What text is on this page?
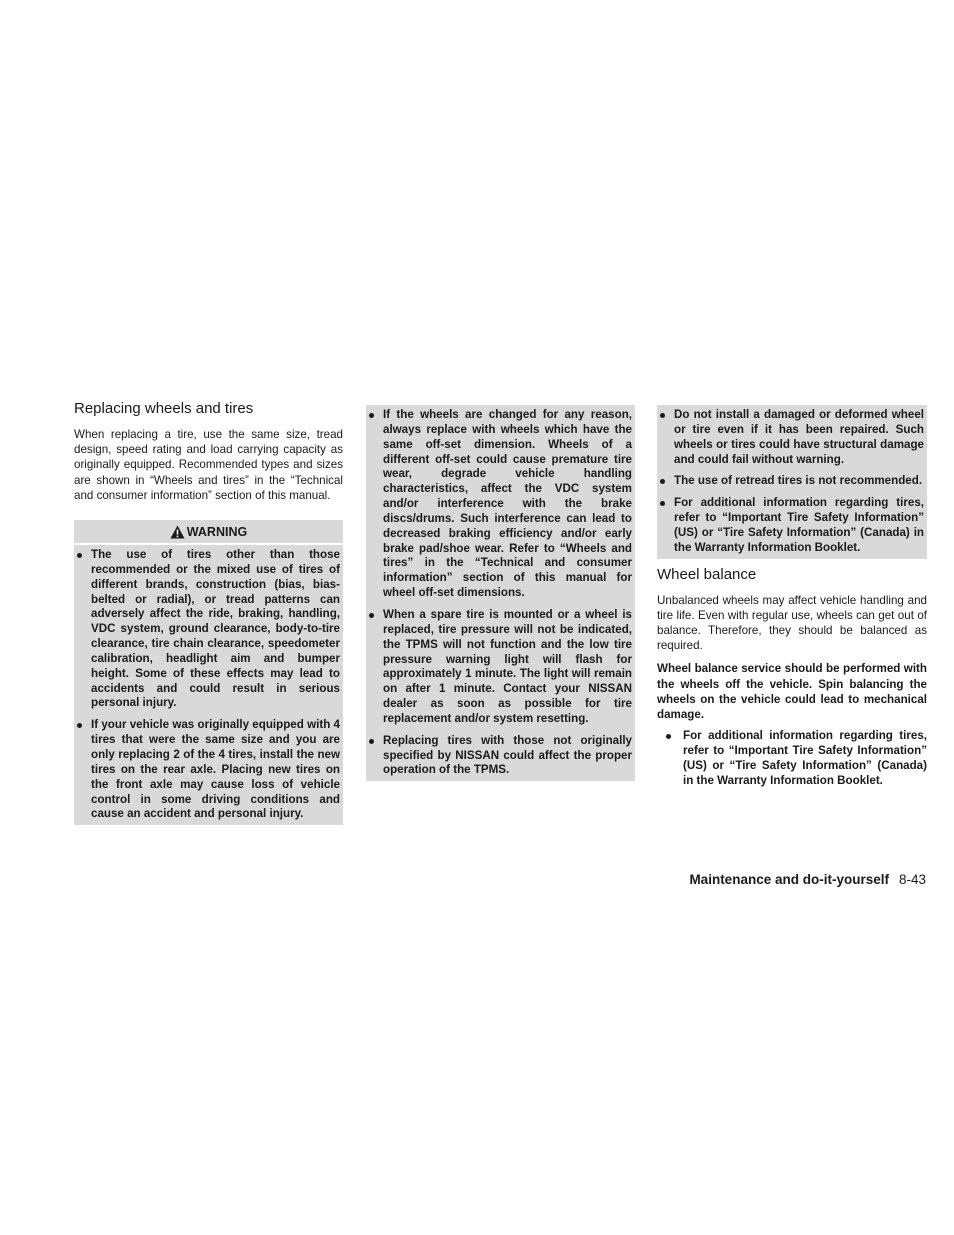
Replacing wheels and tires

When replacing a tire, use the same size, tread design, speed rating and load carrying capacity as originally equipped. Recommended types and sizes are shown in “Wheels and tires” in the “Technical and consumer information” section of this manual.

WARNING
The use of tires other than those recommended or the mixed use of tires of different brands, construction (bias, bias-belted or radial), or tread patterns can adversely affect the ride, braking, handling, VDC system, ground clearance, body-to-tire clearance, tire chain clearance, speedometer calibration, headlight aim and bumper height. Some of these effects may lead to accidents and could result in serious personal injury.
If your vehicle was originally equipped with 4 tires that were the same size and you are only replacing 2 of the 4 tires, install the new tires on the rear axle. Placing new tires on the front axle may cause loss of vehicle control in some driving conditions and cause an accident and personal injury.
If the wheels are changed for any reason, always replace with wheels which have the same off-set dimension. Wheels of a different off-set could cause premature tire wear, degrade vehicle handling characteristics, affect the VDC system and/or interference with the brake discs/drums. Such interference can lead to decreased braking efficiency and/or early brake pad/shoe wear. Refer to “Wheels and tires” in the “Technical and consumer information” section of this manual for wheel off-set dimensions.
When a spare tire is mounted or a wheel is replaced, tire pressure will not be indicated, the TPMS will not function and the low tire pressure warning light will flash for approximately 1 minute. The light will remain on after 1 minute. Contact your NISSAN dealer as soon as possible for tire replacement and/or system resetting.
Replacing tires with those not originally specified by NISSAN could affect the proper operation of the TPMS.
Do not install a damaged or deformed wheel or tire even if it has been repaired. Such wheels or tires could have structural damage and could fail without warning.
The use of retread tires is not recommended.
For additional information regarding tires, refer to “Important Tire Safety Information” (US) or “Tire Safety Information” (Canada) in the Warranty Information Booklet.
Wheel balance

Unbalanced wheels may affect vehicle handling and tire life. Even with regular use, wheels can get out of balance. Therefore, they should be balanced as required.

Wheel balance service should be performed with the wheels off the vehicle. Spin balancing the wheels on the vehicle could lead to mechanical damage.

For additional information regarding tires, refer to “Important Tire Safety Information” (US) or “Tire Safety Information” (Canada) in the Warranty Information Booklet.
Maintenance and do-it-yourself 8-43
